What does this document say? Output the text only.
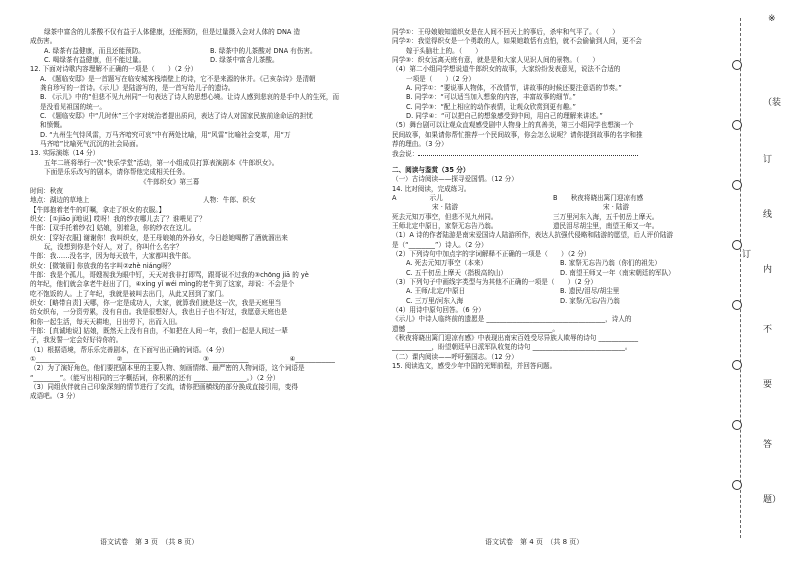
绿茶中富含的儿茶酸不仅有益于人体健康，还能预防，但是过量摄入会对人体的 DNA 造
成伤害。
A. 绿茶有益健康，而且还能预防。	B. 绿茶中的儿茶酸对 DNA 有伤害。
C. 喝绿茶有益健康，但不能过量。	D. 绿茶中富含儿茶酸。
12. 下面对诗歌内容理解不正确的一项是（　　）（2 分）
A. 《题临安邸》是一首题写在临安城客栈墙壁上的诗，它不是来源的休并。《己亥杂诗》是清朝
龚自珍写的一首诗。《示儿》是陆游写的，是一首写给儿子的遗诗。
B. 《示儿》中的“但悲不见九州同”一句表达了诗人的思想心境。让诗人感到悲哀的是手中人的生死，而
是没看见祖国的统一。
C. 《题临安邸》中“几时休”三个字对统治者提出质问，表达了诗人对国家民族前途命运的担忧
和愤慨。
D. “九州生气恃风雷，万马齐喑究可哀”中有两处比喻，用“风雷”比喻社会变革，用“万
马齐喑”比喻死气沉沉的社会局面。
13. 实际演练（14 分）
五年二班将举行一次“快乐学堂”活动，第一小组成员打算表演剧本《牛郎织女》。
下面是乐乐改写的剧本，请你帮他完成相关任务。
《牛郎织女》第三幕
时间：秋夜
地点：湖边的草地上	人物：牛郎、织女
【牛郎抱着老牛的叮嘱，拿走了织女的衣服。】
织女：[①jiāo jí地说] 哎呀！我的纱衣哪儿去了？谁喂见了？
牛郎：[双手托着纱衣] 姑娘，别着急，你的纱衣在这儿。
织女：[穿好衣服] 谢谢你！我叫织女，是王母娘娘的外孙女，今日趁她喝醉了酒就溜出来
玩，没想到你是个好人，对了，你叫什么名字？
牛郎：我……没名字，因为每天放牛，大家都叫我牛郎。
织女：[微皱眉] 你放我的名字叫②zhè niáng呀？
牛郎：我是个孤儿，哥嫂视我为眼中钉，天天对我非打即骂，跟哥说不过我的③chōng jiā 的 yè
的年纪，他们就会拿老牛赶出了门，④xíng yǐ wéi mìng的老牛到了这家，却说：不会是个
吃不饱饭的人。上了年纪，我就是被叫去出门，从此又回到了家门。
织女：[略带自责] 天哪，你一定是成功人，大家，就算我们就是这一次，我是天庭里当
纺女织布，一分资劳累，没有自由。我是很想好人，我也日子也不好过，我愿意天庭也是
和你一起生活，每天天耕地，日出劳下，出而入田。
牛郎：[真诚地说] 姑娘，既然天上没有自由，不如把在人间一年，我们一起是人间过一辈
子，我发誓一定会好好待你的。
（1）根据语境，帮乐乐完善剧本，在下面写出正确的词语。（4 分）
①____________	②____________	③____________	④____________
（2）为了演好角色，他们要把剧本里的主要人物、刻画情绪、最严密的人物词语，这个词语是
“________”。（能写出相同的三字概括词，你积累的还有 ________________。）（2 分）
（3）同组伙伴就自己印象深刻的情节进行了交流，请你把画横线的部分换成直接引用，变得
成语吧。（3 分）
语文试卷　第 3 页　（共 8 页）
同学①：王母娘娘知道织女是在人间不回天上的事后，杀牢和气平了。（　　）
同学②：我觉得织女是一个勇敢的人，如果她敢恬有点怕，就不会偷偷到人间，更不会
嫁于头脑壮上的。（　　）
同学③：织女远离天庭有意，就是是和大家人见识人间的景物。（　　）
（4）第二小组同学想说道牛郎织女的故事，大家纷纷发表意见，说法不合适的
一项是（　　）（2 分）
A. 同学①：“要说事人物体，不改情节，讲故事的时候还要注意语的节奏。”
B. 同学②：“可以适当加入想象的内容，丰富故事的细节。”
C. 同学③：“配上相应的动作表情，让观众欣赏到更有趣。”
D. 同学④：“可以把自己的想象感受到中间，用自己的理解来讲述。”
（5）舞台剧可以让观众直观感受剧中人物身上的真善美，第三小组同学也想演一个
民间故事，如果请你帮忙推荐一个民间故事，你会怎么说呢？请你提到故事的名字和推
荐的理由。（3 分）
我会说：
二、阅读与鉴赏（35 分）
（一）古诗阅读——探寻爱国情。（12 分）
14. 比对阅读，完成练习。
A　　　　　	示儿	B　　 秋夜将晓出篱门迎凉有感
宋 · 陆游	宋 · 陆游
死去元知万事空，但悲不见九州同。	三万里河东入海，五千仞岳上摩天。
王师北定中原日，家祭无忘告乃翁。	遗民泪尽胡尘里，南望王师又一年。
（1）A 诗的作者陆游是南宋爱国诗人陆游所作，表达人抗强代侵略和陆游的愿望，后人评价陆游
是（“________”）诗人。（2 分）
（2）下列诗句中加点字的字词解释不正确的一项是（　　）（2 分）
A. 死去元知万事空（本来）	B. 家祭无忘告乃翁（你们的祖先）
C. 五千仞岳上摩天（指极高的山）	D. 南望王师又一年（南宋朝廷的军队）
（3）下列句子中画线字类型与为其他不正确的一项是（　　）（2 分）
A. 王师/北定/中原日	B. 遗民/泪尽/胡尘里
C. 三万里/河东入海	D. 家祭/无忘/告乃翁
（4）用诗中原句回答。（6 分）
《示儿》中诗人临终前的遗愿是 ____________________________________，诗人的
遗憾 ____________________________________________。
《秋夜将晓出篱门迎凉有感》中表现出南宋百姓受尽异族人欺辱的诗句 ____________
____________，盼望朝廷早日派军队收复的诗句 ____________________________。
（二）课内阅读——呼吁强国志。（12 分）
15. 阅读选文，感受少年中国的光辉前程，并回答问题。
语文试卷　第 4 页　（共 8 页）
（装
订
线
内
不
要
答
题）
订
※
